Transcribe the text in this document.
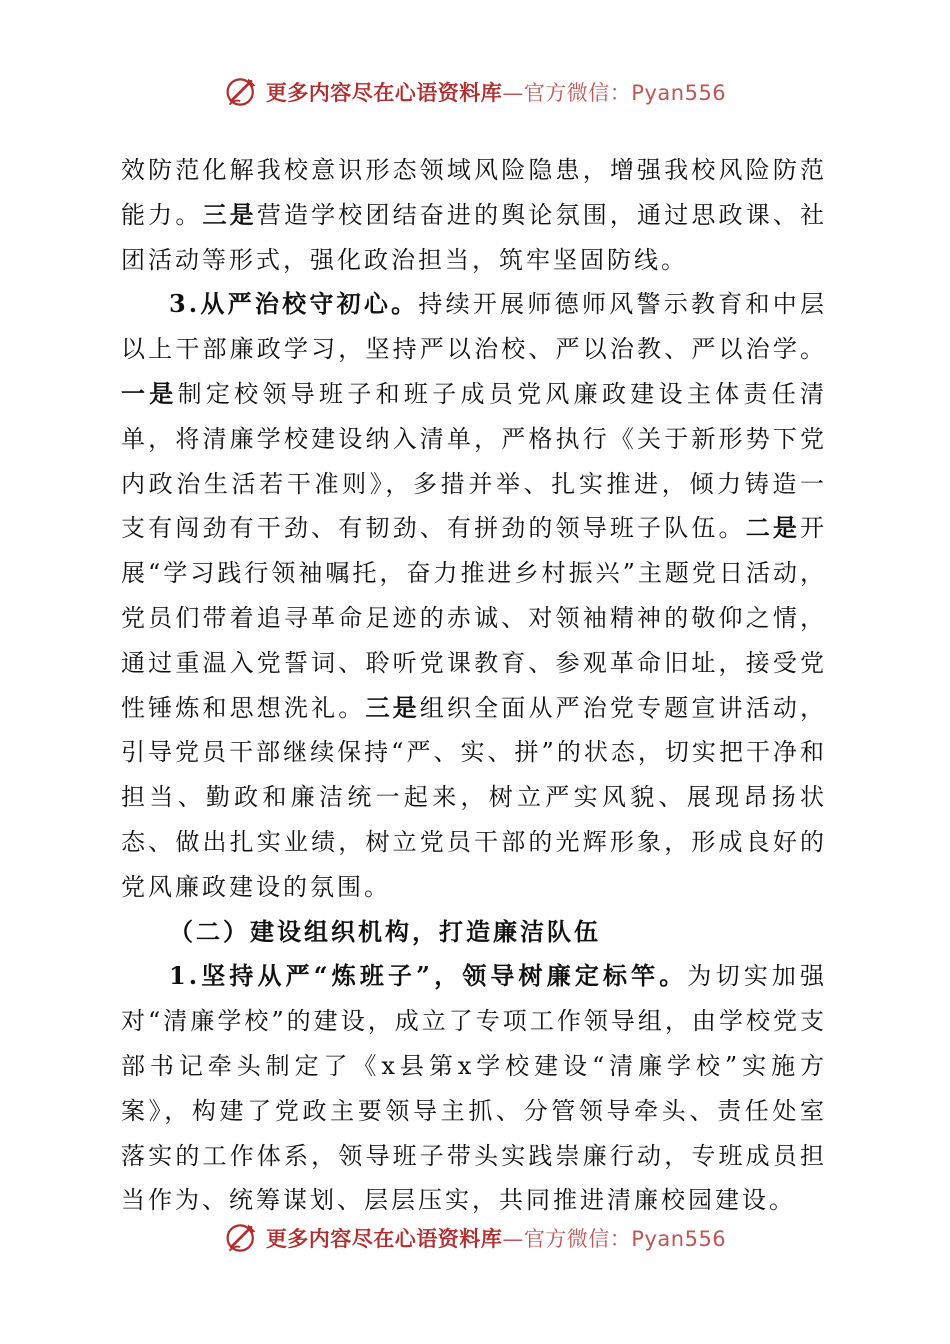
更多内容尽在心语资料库—官方微信：Pyan556

效防范化解我校意识形态领域风险隐患，增强我校风险防范能力。三是营造学校团结奋进的舆论氛围，通过思政课、社团活动等形式，强化政治担当，筑牢坚固防线。

3.从严治校守初心。持续开展师德师风警示教育和中层以上干部廉政学习，坚持严以治校、严以治教、严以治学。一是制定校领导班子和班子成员党风廉政建设主体责任清单，将清廉学校建设纳入清单，严格执行《关于新形势下党内政治生活若干准则》，多措并举、扎实推进，倾力铸造一支有闯劲有干劲、有韧劲、有拼劲的领导班子队伍。二是开展“学习践行领袖嘱托，奋力推进乡村振兴”主题党日活动，党员们带着追寻革命足迹的赤诚、对领袖精神的敬仰之情，通过重温入党誓词、聆听党课教育、参观革命旧址，接受党性锤炼和思想洗礼。三是组织全面从严治党专题宣讲活动，引导党员干部继续保持“严、实、拼”的状态，切实把干净和担当、勤政和廉洁统一起来，树立严实风貌、展现昂扬状态、做出扎实业绩，树立党员干部的光辉形象，形成良好的党风廉政建设的氛围。

（二）建设组织机构，打造廉洁队伍

1.坚持从严“炼班子”，领导树廉定标竿。为切实加强对“清廉学校”的建设，成立了专项工作领导组，由学校党支部书记牵头制定了《x县第x学校建设“清廉学校”实施方案》，构建了党政主要领导主抓、分管领导牵头、责任处室落实的工作体系，领导班子带头实践崇廉行动，专班成员担当作为、统筹谋划、层层压实，共同推进清廉校园建设。

更多内容尽在心语资料库—官方微信：Pyan556
